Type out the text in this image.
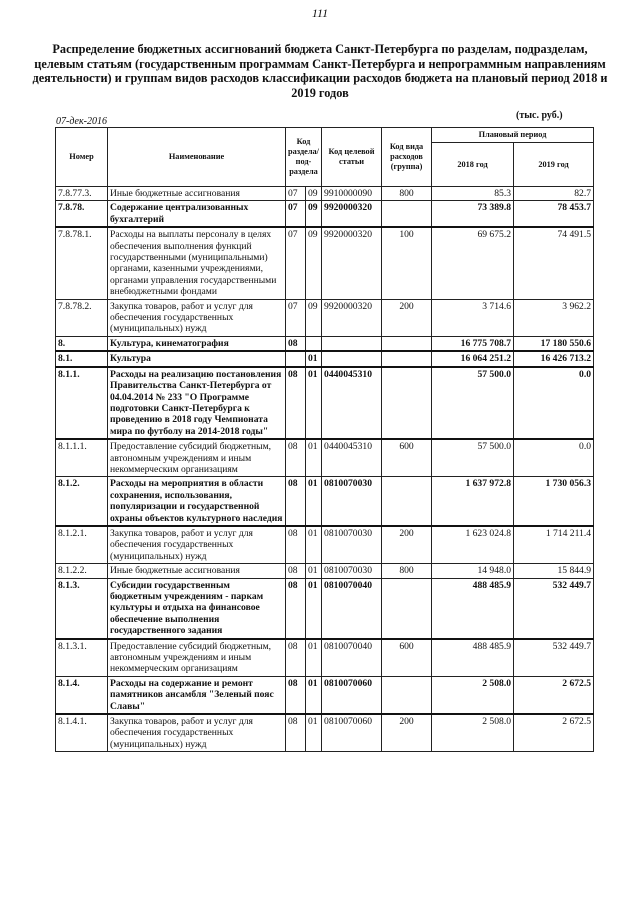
111
Распределение бюджетных ассигнований бюджета Санкт-Петербурга по разделам, подразделам, целевым статьям (государственным программам Санкт-Петербурга и непрограммным направлениям деятельности) и группам видов расходов классификации расходов бюджета на плановый период 2018 и 2019 годов
07-дек-2016
(тыс. руб.)
Номер	Наименование	Код раздела/ под-раздела		Код целевой статьи	Код вида расходов (группа)	Плановый период	
						2018 год	2019 год
7.8.77.3.	Иные бюджетные ассигнования	07	09	9910000090	800	85.3	82.7
7.8.78.	Содержание централизованных бухгалтерий	07	09	9920000320		73 389.8	78 453.7
7.8.78.1.	Расходы на выплаты персоналу в целях обеспечения выполнения функций государственными (муниципальными) органами, казенными учреждениями, органами управления государственными внебюджетными фондами	07	09	9920000320	100	69 675.2	74 491.5
7.8.78.2.	Закупка товаров, работ и услуг для обеспечения государственных (муниципальных) нужд	07	09	9920000320	200	3 714.6	3 962.2
8.	Культура, кинематография	08				16 775 708.7	17 180 550.6
8.1.	Культура		01			16 064 251.2	16 426 713.2
8.1.1.	Расходы на реализацию постановления Правительства Санкт-Петербурга от 04.04.2014 № 233 "О Программе подготовки Санкт-Петербурга к проведению в 2018 году Чемпионата мира по футболу на 2014-2018 годы"	08	01	0440045310		57 500.0	0.0
8.1.1.1.	Предоставление субсидий бюджетным, автономным учреждениям и иным некоммерческим организациям	08	01	0440045310	600	57 500.0	0.0
8.1.2.	Расходы на мероприятия в области сохранения, использования, популяризации и государственной охраны объектов культурного наследия	08	01	0810070030		1 637 972.8	1 730 056.3
8.1.2.1.	Закупка товаров, работ и услуг для обеспечения государственных (муниципальных) нужд	08	01	0810070030	200	1 623 024.8	1 714 211.4
8.1.2.2.	Иные бюджетные ассигнования	08	01	0810070030	800	14 948.0	15 844.9
8.1.3.	Субсидии государственным бюджетным учреждениям - паркам культуры и отдыха на финансовое обеспечение выполнения государственного задания	08	01	0810070040		488 485.9	532 449.7
8.1.3.1.	Предоставление субсидий бюджетным, автономным учреждениям и иным некоммерческим организациям	08	01	0810070040	600	488 485.9	532 449.7
8.1.4.	Расходы на содержание и ремонт памятников ансамбля "Зеленый пояс Славы"	08	01	0810070060		2 508.0	2 672.5
8.1.4.1.	Закупка товаров, работ и услуг для обеспечения государственных (муниципальных) нужд	08	01	0810070060	200	2 508.0	2 672.5
